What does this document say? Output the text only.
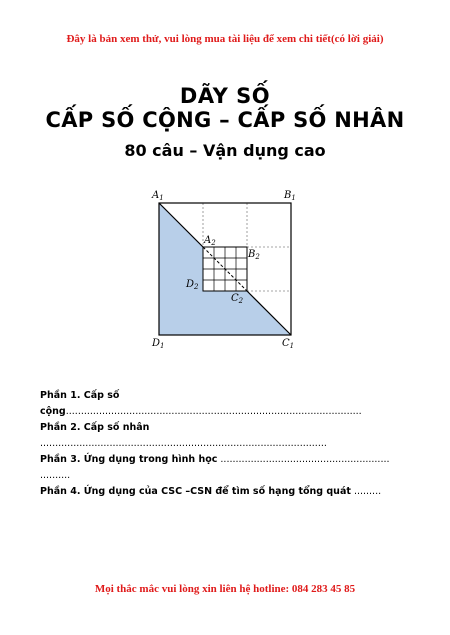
Đây là bản xem thử, vui lòng mua tài liệu để xem chi tiết(có lời giải)
DÃY SỐ
CẤP SỐ CỘNG – CẤP SỐ NHÂN
80 câu – Vận dụng cao
$A_1$	$B_1$
$D_1$	$C_1$
$A_2$
$B_2$
$D_2$
$C_2$
Phần 1. Cấp số
cộng..................................................................................................
Phần 2. Cấp số nhân
...............................................................................................
Phần 3. Ứng dụng trong hình học ........................................................
..........
Phần 4. Ứng dụng của CSC –CSN để tìm số hạng tổng quát .........
Mọi thắc mắc vui lòng xin liên hệ hotline: 084 283 45 85
